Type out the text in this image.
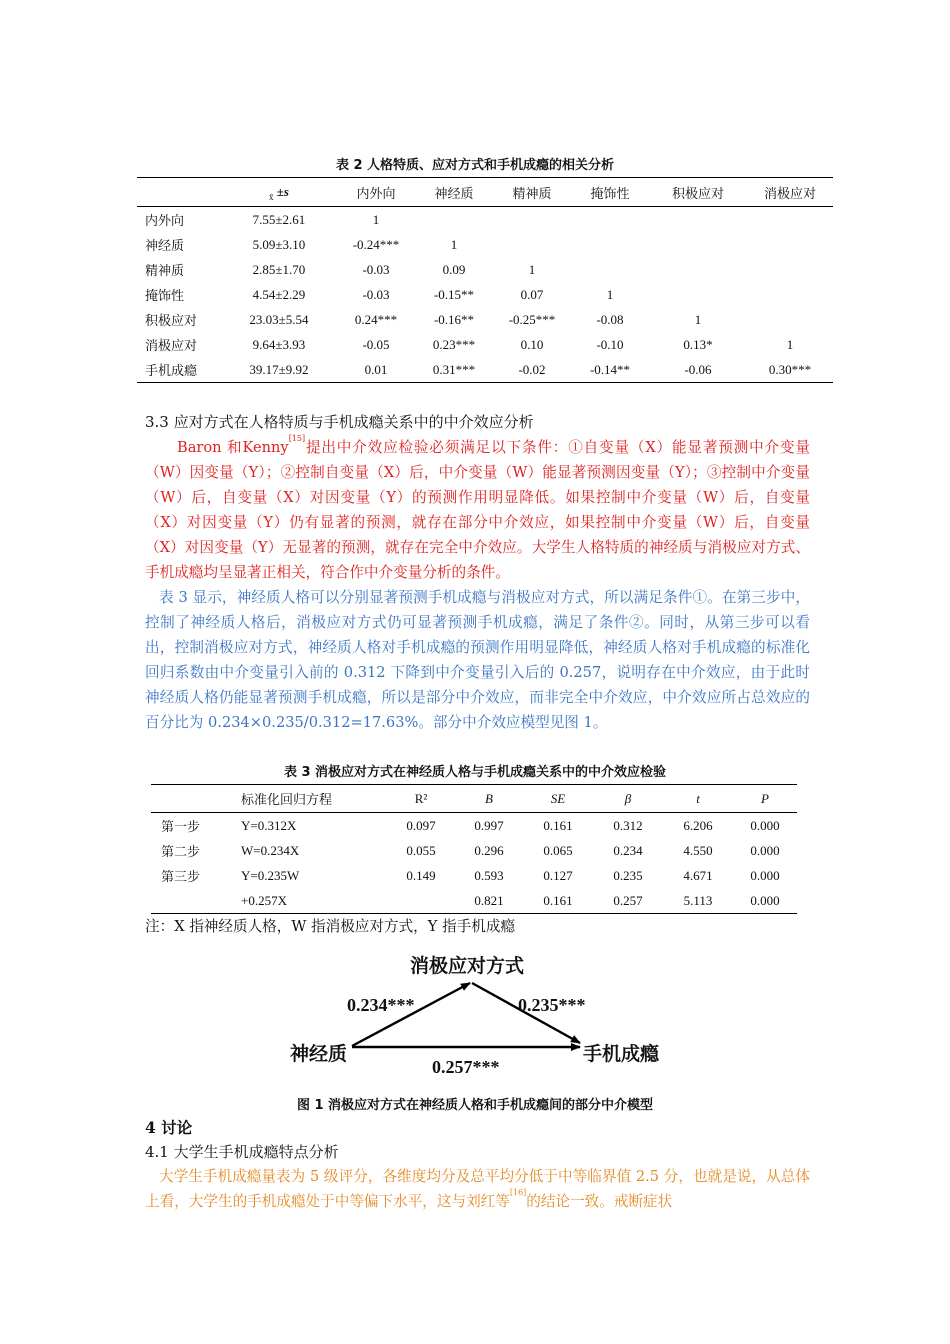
表 2 人格特质、应对方式和手机成瘾的相关分析
	$_{x̄}$ ±s	内外向	神经质	精神质	掩饰性	积极应对	消极应对
内外向	7.55±2.61	1					
神经质	5.09±3.10	-0.24***	1				
精神质	2.85±1.70	-0.03	0.09	1			
掩饰性	4.54±2.29	-0.03	-0.15**	0.07	1		
积极应对	23.03±5.54	0.24***	-0.16**	-0.25***	-0.08	1	
消极应对	9.64±3.93	-0.05	0.23***	0.10	-0.10	0.13*	1
手机成瘾	39.17±9.92	0.01	0.31***	-0.02	-0.14**	-0.06	0.30***
3.3 应对方式在人格特质与手机成瘾关系中的中介效应分析
Baron 和Kenny[15]提出中介效应检验必须满足以下条件：①自变量（X）能显著预测中介变量（W）因变量（Y）；②控制自变量（X）后，中介变量（W）能显著预测因变量（Y）；③控制中介变量（W）后，自变量（X）对因变量（Y）的预测作用明显降低。如果控制中介变量（W）后，自变量（X）对因变量（Y）仍有显著的预测，就存在部分中介效应，如果控制中介变量（W）后，自变量（X）对因变量（Y）无显著的预测，就存在完全中介效应。大学生人格特质的神经质与消极应对方式、手机成瘾均呈显著正相关，符合作中介变量分析的条件。
表 3 显示，神经质人格可以分别显著预测手机成瘾与消极应对方式，所以满足条件①。在第三步中，控制了神经质人格后，消极应对方式仍可显著预测手机成瘾，满足了条件②。同时，从第三步可以看出，控制消极应对方式，神经质人格对手机成瘾的预测作用明显降低，神经质人格对手机成瘾的标准化回归系数由中介变量引入前的 0.312 下降到中介变量引入后的 0.257，说明存在中介效应，由于此时神经质人格仍能显著预测手机成瘾，所以是部分中介效应，而非完全中介效应，中介效应所占总效应的百分比为 0.234×0.235/0.312=17.63%。部分中介效应模型见图 1。
表 3 消极应对方式在神经质人格与手机成瘾关系中的中介效应检验
	标准化回归方程	R²	B	SE	β	t	P
第一步	Y=0.312X	0.097	0.997	0.161	0.312	6.206	0.000
第二步	W=0.234X	0.055	0.296	0.065	0.234	4.550	0.000
第三步	Y=0.235W	0.149	0.593	0.127	0.235	4.671	0.000
	+0.257X		0.821	0.161	0.257	5.113	0.000
注：X 指神经质人格，W 指消极应对方式，Y 指手机成瘾
消极应对方式
神经质	手机成瘾
0.234***	0.235***
0.257***
图 1 消极应对方式在神经质人格和手机成瘾间的部分中介模型
4 讨论
4.1 大学生手机成瘾特点分析
大学生手机成瘾量表为 5 级评分，各维度均分及总平均分低于中等临界值 2.5 分，也就是说，从总体上看，大学生的手机成瘾处于中等偏下水平，这与刘红等[16]的结论一致。戒断症状
